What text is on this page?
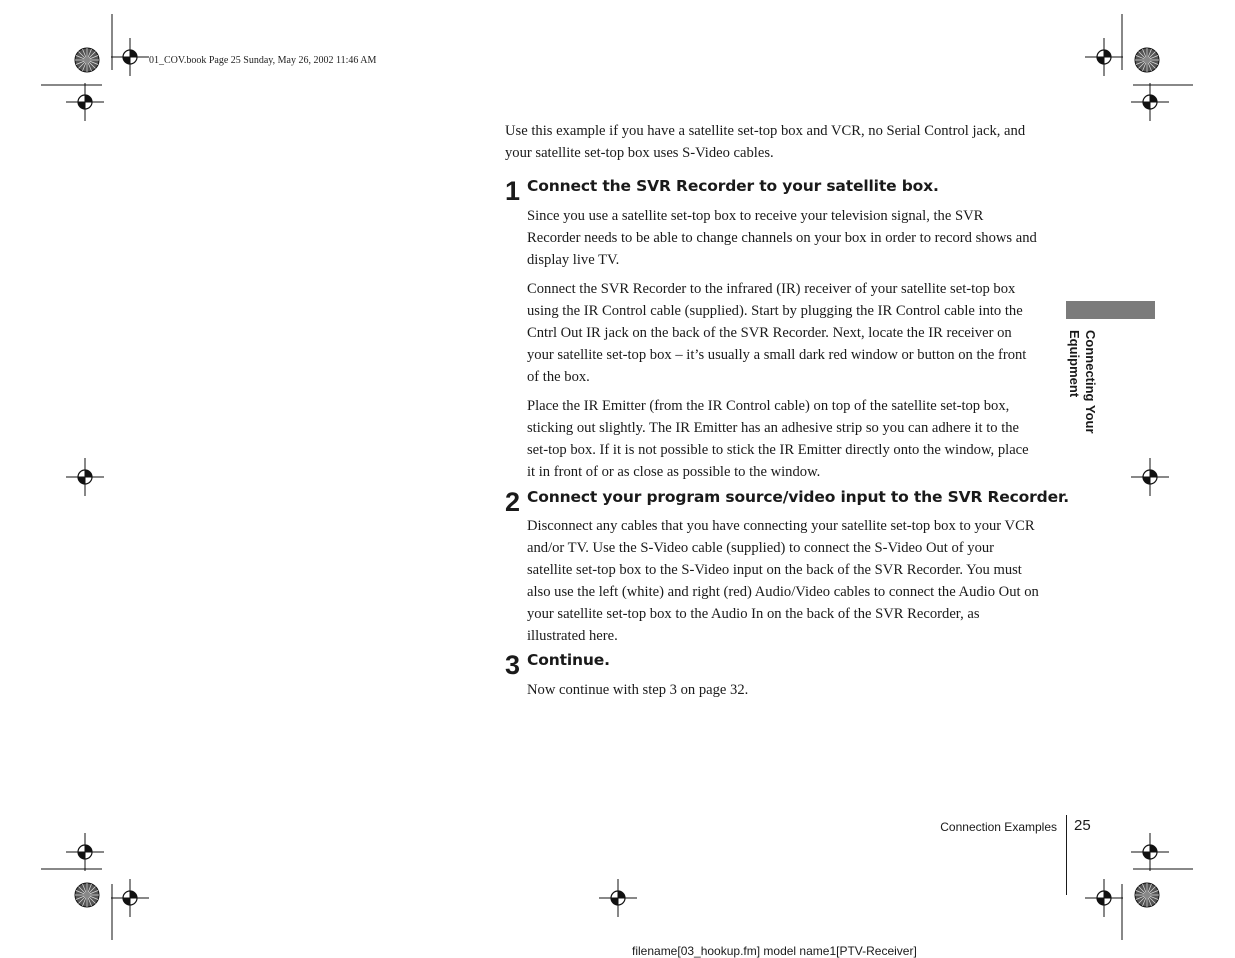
01_COV.book Page 25 Sunday, May 26, 2002 11:46 AM

Use this example if you have a satellite set-top box and VCR, no Serial Control jack, and your satellite set-top box uses S-Video cables.

1 Connect the SVR Recorder to your satellite box.

Since you use a satellite set-top box to receive your television signal, the SVR Recorder needs to be able to change channels on your box in order to record shows and display live TV.

Connect the SVR Recorder to the infrared (IR) receiver of your satellite set-top box using the IR Control cable (supplied). Start by plugging the IR Control cable into the Cntrl Out IR jack on the back of the SVR Recorder. Next, locate the IR receiver on your satellite set-top box – it’s usually a small dark red window or button on the front of the box.

Place the IR Emitter (from the IR Control cable) on top of the satellite set-top box, sticking out slightly. The IR Emitter has an adhesive strip so you can adhere it to the set-top box. If it is not possible to stick the IR Emitter directly onto the window, place it in front of or as close as possible to the window.

2 Connect your program source/video input to the SVR Recorder.

Disconnect any cables that you have connecting your satellite set-top box to your VCR and/or TV. Use the S-Video cable (supplied) to connect the S-Video Out of your satellite set-top box to the S-Video input on the back of the SVR Recorder. You must also use the left (white) and right (red) Audio/Video cables to connect the Audio Out on your satellite set-top box to the Audio In on the back of the SVR Recorder, as illustrated here.

3 Continue.

Now continue with step 3 on page 32.

Connecting Your Equipment
Connection Examples 25
filename[03_hookup.fm] model name1[PTV-Receiver]
